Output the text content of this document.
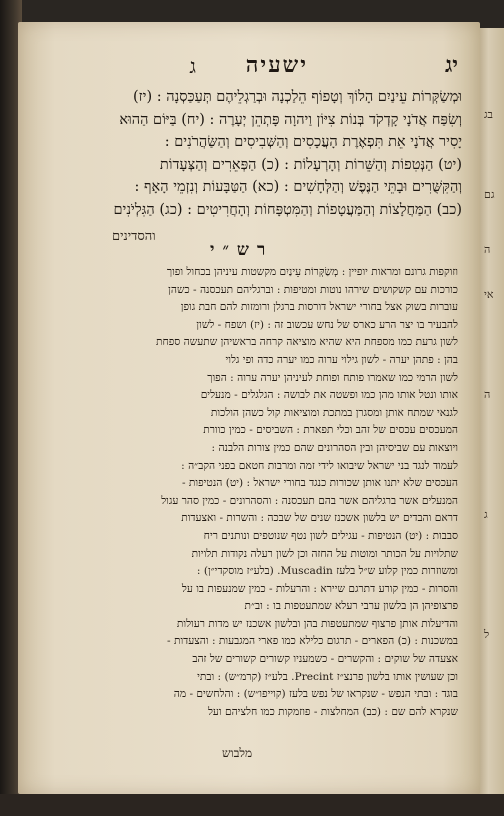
בג
גם
ה
אי
ה
ג
ל
יג
ישעיה
ג
וּמְשַׂקְּרוֹת עֵינַיִם הָלוֹךְ וְטָפוֹף הֵלַכְנָה וּבְרַגְלֵיהֶם תְּעַכַּסְנָה : (יז)
וְשִׂפַּח אֲדֹנָי קָדְקֹד בְּנוֹת צִיּוֹן וַיהוָה פָּתְהֵן יְעָרֶה : (יח) בַּיּוֹם הַהוּא
יָסִיר אֲדֹנָי אֵת תִּפְאֶרֶת הָעֲכָסִים וְהַשְּׁבִיסִים וְהַשַּׂהֲרֹנִים :
(יט) הַנְּטִפוֹת וְהַשֵּׁרוֹת וְהָרְעָלוֹת : (כ) הַפְּאֵרִים וְהַצְּעָדוֹת
וְהַקִּשֻּׁרִים וּבָתֵּי הַנֶּפֶשׁ וְהַלְּחָשִׁים : (כא) הַטַּבָּעוֹת וְנִזְמֵי הָאָף :
(כב) הַמַּחֲלָצוֹת וְהַמַּעֲטָפוֹת וְהַמִּטְפָּחוֹת וְהָחֲרִיטִים : (כג) הַגִּלְיֹנִים
והסדינים
רש״י
וזוקפות גרונם ומראות יופיין : מְשַׂקְּרוֹת עֵינַיִם מקשטות עיניהן בכחול ופוך
כורכות עם קשקושים שירהו נוטות ומטיפות : וברגליהם תעכסנה - כשהן
עוברות בשוק אצל בחורי ישראל דורסות ברגלן ורומזות להם חבת גופן
להבעיר בו יצר הרע כארס של נחש עכשוב זה : (יז) ושפח - לשון
לשון גרעת כמו מספחת היא שהיא מוציאה קרחה בראשיהן שתעשה ספחת
בהן : פתהן יערה - לשון גילוי ערוה כמו יערה כדה ופי גלוי
לשון הרמי כמו שאמרו פותח ופוחת לעיניהן יערה ערוה : הפוך
אותו ונטל אותו מהן כמו ופשטה את לבושה : הגלגלים - מנעלים
לגנאי שמתח אותן ומסגרן במתכת ומוציאות קול כשהן הולכות
המעכסים עכסים של זהב וכלי תפארת : השביסים - כמין כוורת
ויוצאות עם שביסיהן ובין הסהרונים שהם כמין צורות הלבנה :
לעמוד לנגד בני ישראל שיבואו לידי זמה ומרבות חטאם בפני הקב״ה :
העכסים שלא יתנו אותן שכורות כנגד בחורי ישראל : (יט) הנטיפות -
המנעלים אשר ברגליהם אשר בהם תעכסנה : והסהרונים - כמין סהר עגול
דראם והבדים יש בלשון אשכנז שנים של שבכה : והשרות - ואצעדות
סבבות : (יט) הנטיפות - עגילים לשון נטף שנוטפים ונותנים ריח
שתלויות על הכותר ומוטות על החזה וכן לשון רעלה נקודות תלויות
ומשוזרות כמין קלוע ש״ל בלעז Muscadin. (בלע״ז מוסקדי״ן) :
והסרות - כמין קורע דתרגם שיירא : והרעלות - כמין שמנעפות בו על
פרצופיהן הן בלשון ערבי רעלא שמתעטפות בו : וב״ת
והדיעלות אותן פרצוף שמתעטפות בהן ובלשון אשכנז יש מדות רעולות
במשכנות : (כ) הפארים - תרגום כלילא כמו פארי המגבעות : והצעדות -
אצעדה של שוקים : והקשרים - כשמעניו קשורים קשורים של זהב
וכן שעושין אותו בלשון פרנצ״ז Precint. בלע״ז (קרמ״ש) : ובתי
בוגד : ובתי הנפש - שנקראו של נפש בלעז (קוייפו״ש) : והלחשים - מה
שנקרא להם שם : (כב) המחלצות - פוזמקות כמו חלציהם ועל
מלבוש
